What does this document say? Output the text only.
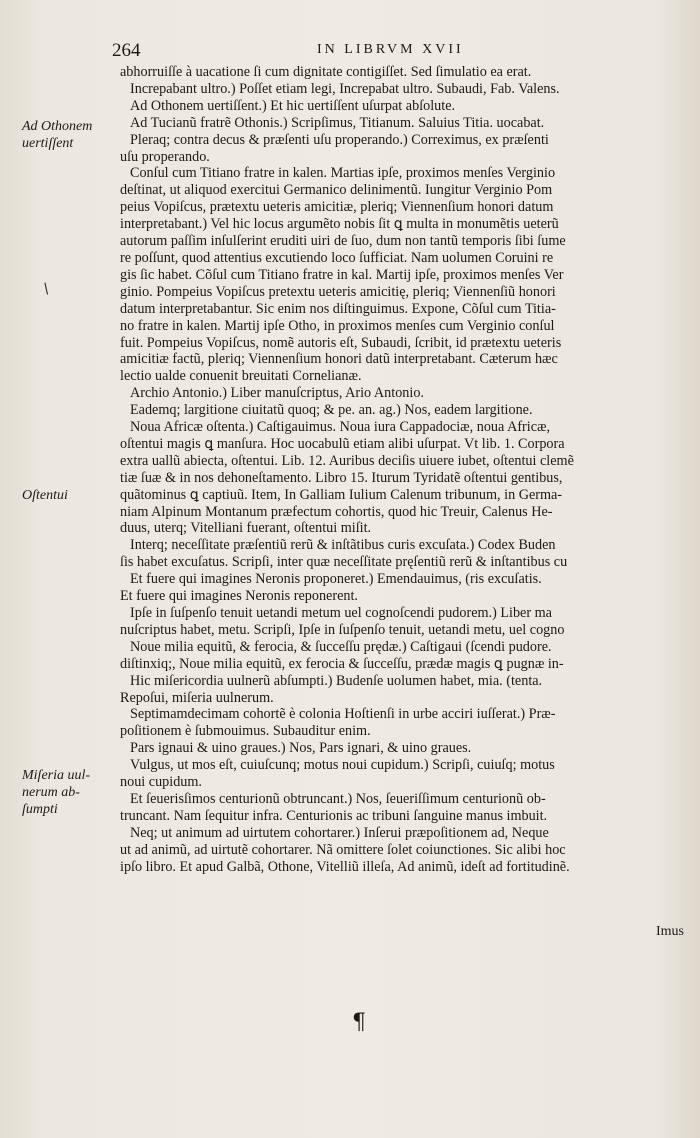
264	IN LIBRVM XVII
Ad Othonem
uertiſſent
/
Oſtentui
Miſeria uul-
nerum ab-
ſumpti
abhorruiſſe à uacatione ſi cum dignitate contigiſſet. Sed ſimulatio ea erat.
Increpabant ultro.) Poſſet etiam legi, Increpabat ultro. Subaudi, Fab. Valens.
Ad Othonem uertiſſent.) Et hic uertiſſent uſurpat abſolute.
Ad Tucianũ fratrẽ Othonis.) Scripſimus, Titianum. Saluius Titia. uocabat.
Pleraq; contra decus & præſenti uſu properando.) Correximus, ex præſenti
uſu properando.
Conſul cum Titiano fratre in kalen. Martias ipſe, proximos menſes Verginio
deſtinat, ut aliquod exercitui Germanico delinimentũ. Iungitur Verginio Pom
peius Vopiſcus, prætextu ueteris amicitiæ, pleriq; Viennenſium honori datum
interpretabant.) Vel hic locus argumẽto nobis ſit ꝗ multa in monumẽtis ueterũ
autorum paſſim inſulſerint eruditi uiri de ſuo, dum non tantũ temporis ſibi ſume
re poſſunt, quod attentius excutiendo loco ſufficiat. Nam uolumen Coruini re
gis ſic habet. Cõſul cum Titiano fratre in kal. Martij ipſe, proximos menſes Ver
ginio. Pompeius Vopiſcus pretextu ueteris amicitię, pleriq; Viennenſiũ honori
datum interpretabantur. Sic enim nos diſtinguimus. Expone, Cõſul cum Titia-
no fratre in kalen. Martij ipſe Otho, in proximos menſes cum Verginio conſul
fuit. Pompeius Vopiſcus, nomẽ autoris eſt, Subaudi, ſcribit, id prætextu ueteris
amicitiæ factũ, pleriq; Viennenſium honori datũ interpretabant. Cæterum hæc
lectio ualde conuenit breuitati Cornelianæ.
Archio Antonio.) Liber manuſcriptus, Ario Antonio.
Eademq; largitione ciuitatũ quoq; & pe. an. ag.) Nos, eadem largitione.
Noua Africæ oſtenta.) Caſtigauimus. Noua iura Cappadociæ, noua Africæ,
oſtentui magis ꝗ manſura. Hoc uocabulũ etiam alibi uſurpat. Vt lib. 1. Corpora
extra uallũ abiecta, oſtentui. Lib. 12. Auribus deciſis uiuere iubet, oſtentui clemẽ
tiæ ſuæ & in nos dehoneſtamento. Libro 15. Iturum Tyridatẽ oſtentui gentibus,
quãtominus ꝗ captiuũ. Item, In Galliam Iulium Calenum tribunum, in Germa-
niam Alpinum Montanum præfectum cohortis, quod hic Treuir, Calenus He-
duus, uterq; Vitelliani fuerant, oſtentui miſit.
Interq; neceſſitate præſentiũ rerũ & inſtãtibus curis excuſata.) Codex Buden
ſis habet excuſatus. Scripſi, inter quæ neceſſitate pręſentiũ rerũ & inſtantibus cu
Et fuere qui imagines Neronis proponeret.) Emendauimus, (ris excuſatis.
Et fuere qui imagines Neronis reponerent.
Ipſe in ſuſpenſo tenuit uetandi metum uel cognoſcendi pudorem.) Liber ma
nuſcriptus habet, metu. Scripſi, Ipſe in ſuſpenſo tenuit, uetandi metu, uel cogno
Noue milia equitũ, & ferocia, & ſucceſſu prędæ.) Caſtigaui (ſcendi pudore.
diſtinxiq;, Noue milia equitũ, ex ferocia & ſucceſſu, prædæ magis ꝗ pugnæ in-
Hic miſericordia uulnerũ abſumpti.) Budenſe uolumen habet, mia. (tenta.
Repoſui, miſeria uulnerum.
Septimamdecimam cohortẽ è colonia Hoſtienſi in urbe acciri iuſſerat.) Præ-
poſitionem è ſubmouimus. Subauditur enim.
Pars ignaui & uino graues.) Nos, Pars ignari, & uino graues.
Vulgus, ut mos eſt, cuiuſcunq; motus noui cupidum.) Scripſi, cuiuſq; motus
noui cupidum.
Et ſeuerisſimos centurionũ obtruncant.) Nos, ſeueriſſimum centurionũ ob-
truncant. Nam ſequitur infra. Centurionis ac tribuni ſanguine manus imbuit.
Neq; ut animum ad uirtutem cohortarer.) Inſerui præpoſitionem ad, Neque
ut ad animũ, ad uirtutẽ cohortarer. Nã omittere ſolet coiunctiones. Sic alibi hoc
ipſo libro. Et apud Galbã, Othone, Vitelliũ illeſa, Ad animũ, ideſt ad fortitudinẽ.
Imus
¶
